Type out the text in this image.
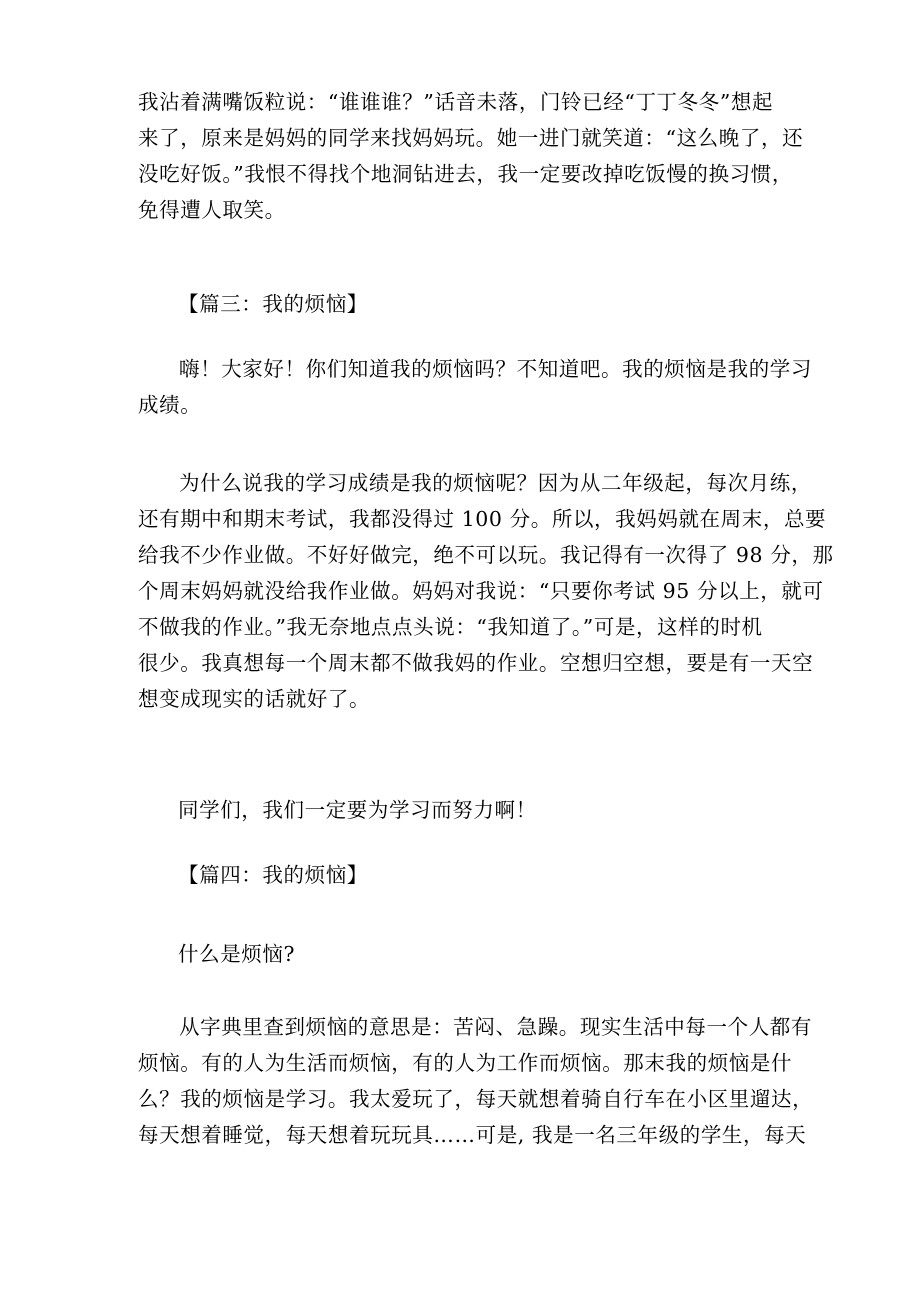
我沾着满嘴饭粒说：“谁谁谁？”话音未落，门铃已经“丁丁冬冬”想起
来了，原来是妈妈的同学来找妈妈玩。她一进门就笑道：“这么晚了，还
没吃好饭。”我恨不得找个地洞钻进去，我一定要改掉吃饭慢的换习惯，
免得遭人取笑。
【篇三：我的烦恼】
嗨！大家好！你们知道我的烦恼吗？不知道吧。我的烦恼是我的学习
成绩。
为什么说我的学习成绩是我的烦恼呢？因为从二年级起，每次月练，
还有期中和期末考试，我都没得过 100 分。所以，我妈妈就在周末，总要
给我不少作业做。不好好做完，绝不可以玩。我记得有一次得了 98 分，那
个周末妈妈就没给我作业做。妈妈对我说：“只要你考试 95 分以上，就可
不做我的作业。”我无奈地点点头说：“我知道了。”可是，这样的时机
很少。我真想每一个周末都不做我妈的作业。空想归空想，要是有一天空
想变成现实的话就好了。
同学们，我们一定要为学习而努力啊！
【篇四：我的烦恼】
什么是烦恼?
从字典里查到烦恼的意思是：苦闷、急躁。现实生活中每一个人都有
烦恼。有的人为生活而烦恼，有的人为工作而烦恼。那末我的烦恼是什
么？我的烦恼是学习。我太爱玩了，每天就想着骑自行车在小区里遛达，
每天想着睡觉，每天想着玩玩具……可是, 我是一名三年级的学生，每天
